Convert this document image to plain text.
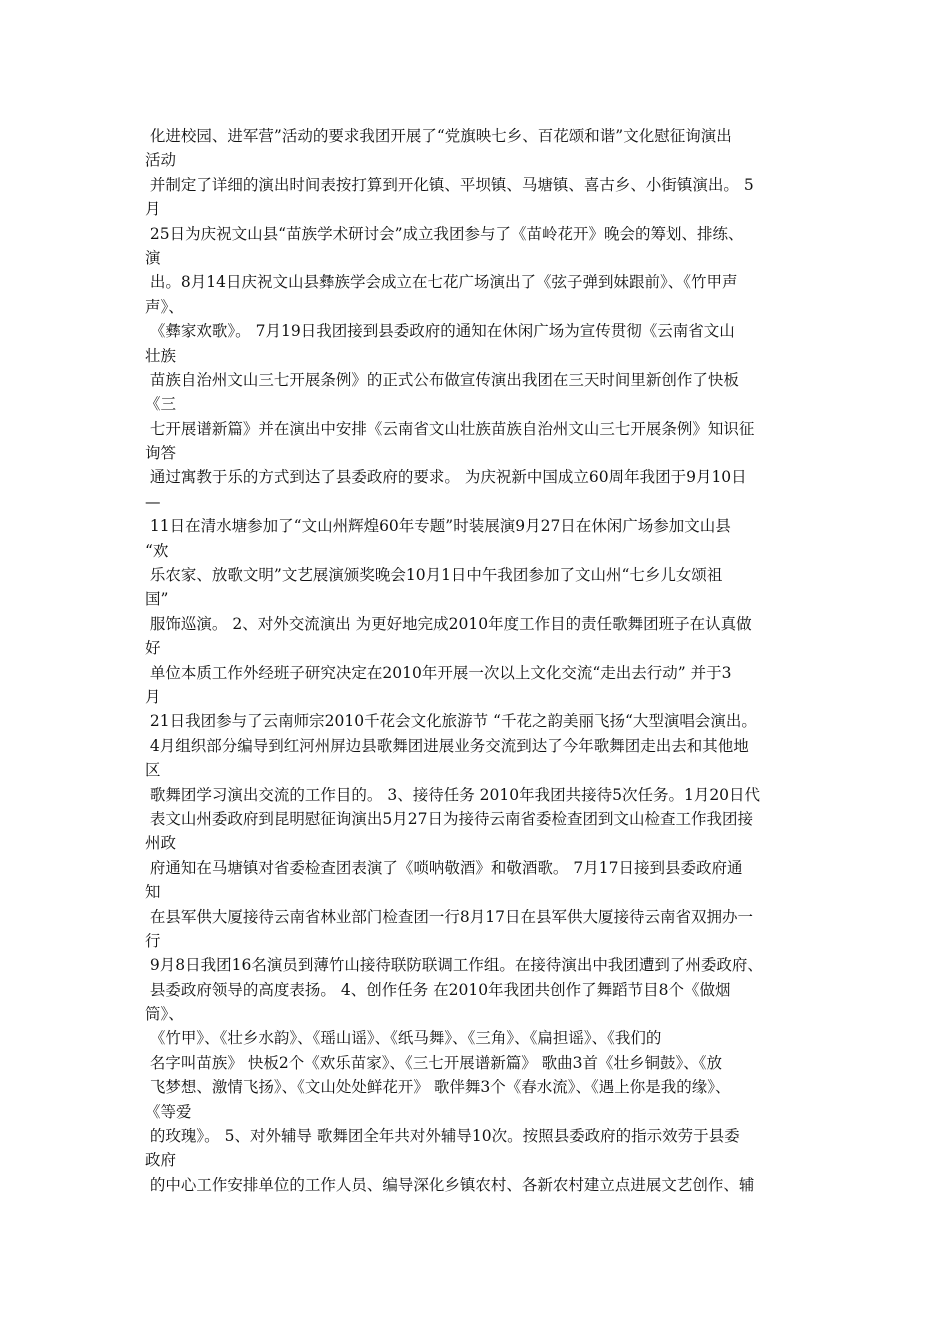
化进校园、进军营”活动的要求我团开展了“党旗映七乡、百花颂和谐”文化慰征询演出
活动
并制定了详细的演出时间表按打算到开化镇、平坝镇、马塘镇、喜古乡、小街镇演出。 5
月
25日为庆祝文山县“苗族学术研讨会”成立我团参与了《苗岭花开》晚会的筹划、排练、
演
出。8月14日庆祝文山县彝族学会成立在七花广场演出了《弦子弹到妹跟前》、《竹甲声
声》、
《彝家欢歌》。 7月19日我团接到县委政府的通知在休闲广场为宣传贯彻《云南省文山
壮族
苗族自治州文山三七开展条例》的正式公布做宣传演出我团在三天时间里新创作了快板
《三
七开展谱新篇》并在演出中安排《云南省文山壮族苗族自治州文山三七开展条例》知识征
询答
通过寓教于乐的方式到达了县委政府的要求。 为庆祝新中国成立60周年我团于9月10日
—
11日在清水塘参加了“文山州辉煌60年专题”时装展演9月27日在休闲广场参加文山县
“欢
乐农家、放歌文明”文艺展演颁奖晚会10月1日中午我团参加了文山州“七乡儿女颂祖
国”
服饰巡演。 2、对外交流演出 为更好地完成2010年度工作目的责任歌舞团班子在认真做
好
单位本质工作外经班子研究决定在2010年开展一次以上文化交流“走出去行动” 并于3
月
21日我团参与了云南师宗2010千花会文化旅游节 “千花之韵美丽飞扬“大型演唱会演出。
4月组织部分编导到红河州屏边县歌舞团进展业务交流到达了今年歌舞团走出去和其他地
区
歌舞团学习演出交流的工作目的。 3、接待任务 2010年我团共接待5次任务。1月20日代
表文山州委政府到昆明慰征询演出5月27日为接待云南省委检查团到文山检查工作我团接
州政
府通知在马塘镇对省委检查团表演了《唢呐敬酒》和敬酒歌。 7月17日接到县委政府通
知
在县军供大厦接待云南省林业部门检查团一行8月17日在县军供大厦接待云南省双拥办一
行
9月8日我团16名演员到薄竹山接待联防联调工作组。在接待演出中我团遭到了州委政府、
县委政府领导的高度表扬。 4、创作任务 在2010年我团共创作了舞蹈节目8个《做烟
筒》、
《竹甲》、《壮乡水韵》、《瑶山谣》、《纸马舞》、《三角》、《扁担谣》、《我们的
名字叫苗族》 快板2个《欢乐苗家》、《三七开展谱新篇》 歌曲3首《壮乡铜鼓》、《放
飞梦想、激情飞扬》、《文山处处鲜花开》 歌伴舞3个《春水流》、《遇上你是我的缘》、
《等爱
的玫瑰》。 5、对外辅导 歌舞团全年共对外辅导10次。按照县委政府的指示效劳于县委
政府
的中心工作安排单位的工作人员、编导深化乡镇农村、各新农村建立点进展文艺创作、辅
